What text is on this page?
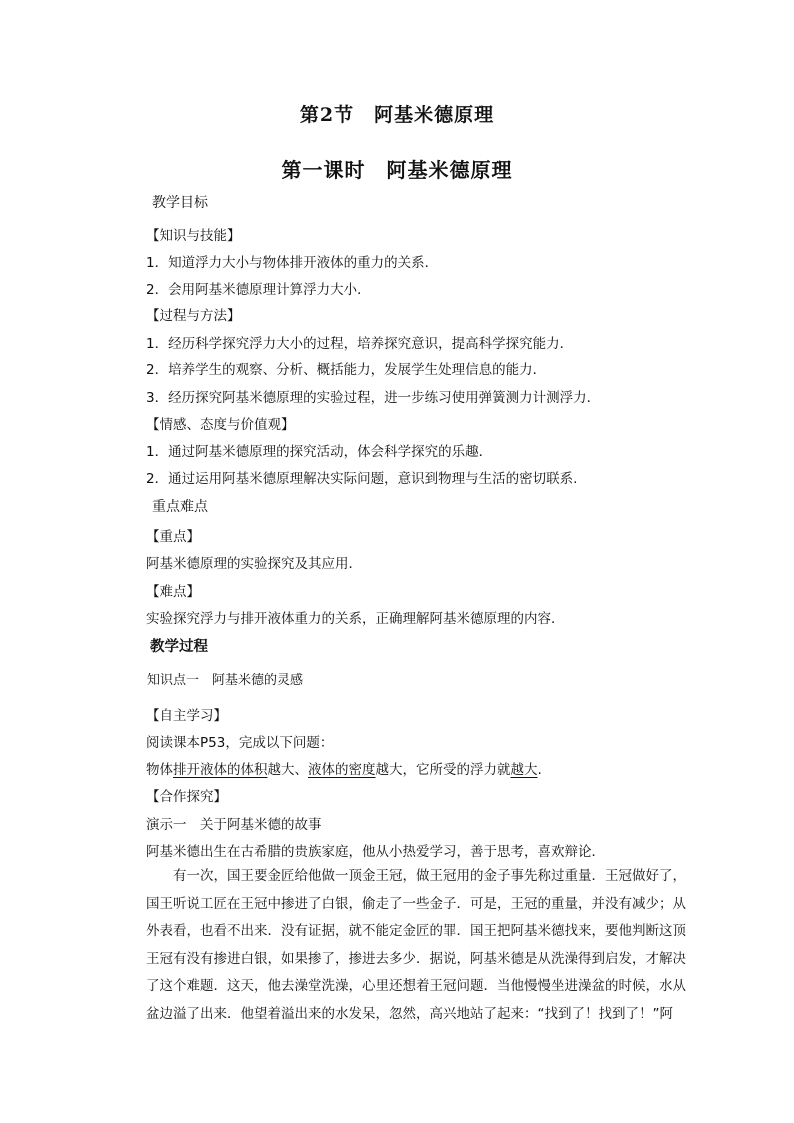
第2节　阿基米德原理
第一课时　阿基米德原理
教学目标
【知识与技能】
1．知道浮力大小与物体排开液体的重力的关系．
2．会用阿基米德原理计算浮力大小．
【过程与方法】
1．经历科学探究浮力大小的过程，培养探究意识，提高科学探究能力．
2．培养学生的观察、分析、概括能力，发展学生处理信息的能力．
3．经历探究阿基米德原理的实验过程，进一步练习使用弹簧测力计测浮力．
【情感、态度与价值观】
1．通过阿基米德原理的探究活动，体会科学探究的乐趣．
2．通过运用阿基米德原理解决实际问题，意识到物理与生活的密切联系.
重点难点
【重点】
阿基米德原理的实验探究及其应用．
【难点】
实验探究浮力与排开液体重力的关系，正确理解阿基米德原理的内容．
教学过程
知识点一　阿基米德的灵感
【自主学习】
阅读课本P53，完成以下问题：
物体排开液体的体积越大、液体的密度越大，它所受的浮力就越大.
【合作探究】
演示一　关于阿基米德的故事
阿基米德出生在古希腊的贵族家庭，他从小热爱学习，善于思考，喜欢辩论．
有一次，国王要金匠给他做一顶金王冠，做王冠用的金子事先称过重量．王冠做好了，国王听说工匠在王冠中掺进了白银，偷走了一些金子．可是，王冠的重量，并没有减少；从外表看，也看不出来．没有证据，就不能定金匠的罪．国王把阿基米德找来，要他判断这顶王冠有没有掺进白银，如果掺了，掺进去多少．据说，阿基米德是从洗澡得到启发，才解决了这个难题．这天，他去澡堂洗澡，心里还想着王冠问题．当他慢慢坐进澡盆的时候，水从盆边溢了出来．他望着溢出来的水发呆，忽然，高兴地站了起来：“找到了！找到了！”阿
